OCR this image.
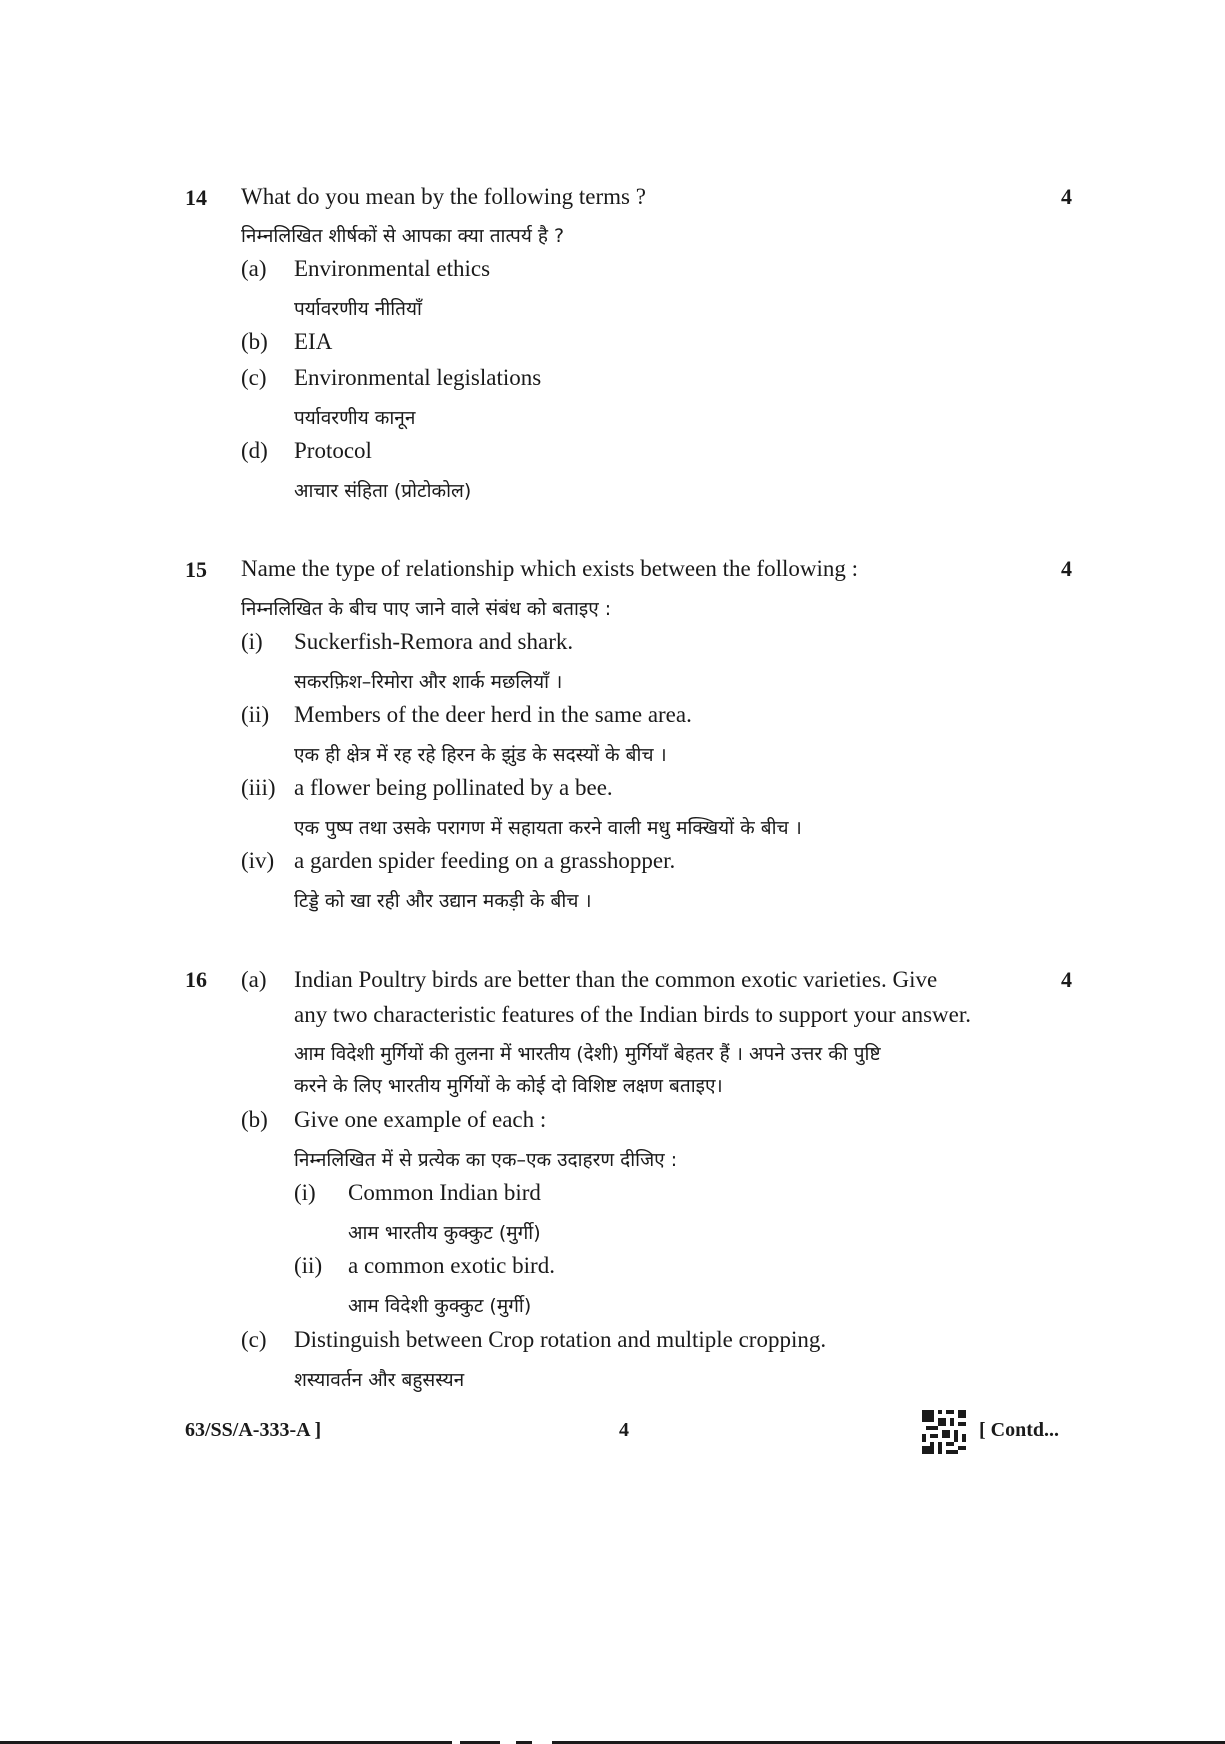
14 What do you mean by the following terms ?	4
निम्नलिखित शीर्षकों से आपका क्या तात्पर्य है ?
(a) Environmental ethics
पर्यावरणीय नीतियाँ
(b) EIA
(c) Environmental legislations
पर्यावरणीय कानून
(d) Protocol
आचार संहिता (प्रोटोकोल)
15 Name the type of relationship which exists between the following :	4
निम्नलिखित के बीच पाए जाने वाले संबंध को बताइए :
(i) Suckerfish-Remora and shark.
सकरफ़िश–रिमोरा और शार्क मछलियाँ ।
(ii) Members of the deer herd in the same area.
एक ही क्षेत्र में रह रहे हिरन के झुंड के सदस्यों के बीच ।
(iii) a flower being pollinated by a bee.
एक पुष्प तथा उसके परागण में सहायता करने वाली मधु मक्खियों के बीच ।
(iv) a garden spider feeding on a grasshopper.
टिड्डे को खा रही और उद्यान मकड़ी के बीच ।
16 (a) Indian Poultry birds are better than the common exotic varieties. Give	4
any two characteristic features of the Indian birds to support your answer.
आम विदेशी मुर्गियों की तुलना में भारतीय (देशी) मुर्गियाँ बेहतर हैं । अपने उत्तर की पुष्टि
करने के लिए भारतीय मुर्गियों के कोई दो विशिष्ट लक्षण बताइए।
(b) Give one example of each :
निम्नलिखित में से प्रत्येक का एक–एक उदाहरण दीजिए :
(i) Common Indian bird
आम भारतीय कुक्कुट (मुर्गी)
(ii) a common exotic bird.
आम विदेशी कुक्कुट (मुर्गी)
(c) Distinguish between Crop rotation and multiple cropping.
शस्यावर्तन और बहुसस्यन
63/SS/A-333-A ]	4	[ Contd...
